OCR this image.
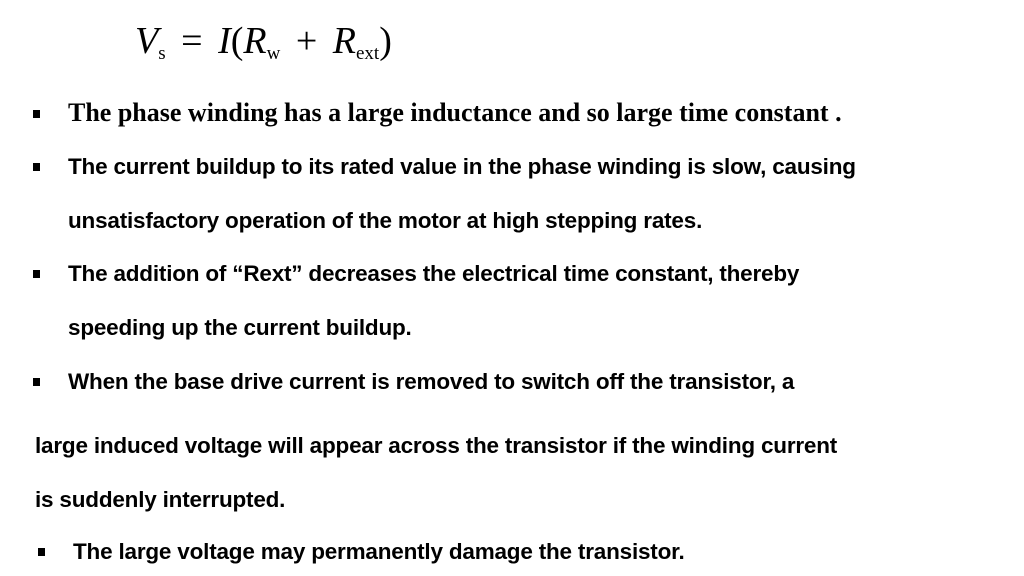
$V_s = I(R_w + R_{ext})$
The phase winding has a large inductance and so large time constant .
The current buildup to its rated value in the phase winding is slow, causing
unsatisfactory operation of the motor at high stepping rates.
The addition of “Rext” decreases the electrical time constant, thereby
speeding up the current buildup.
When the base drive current is removed to switch off the transistor, a
large induced voltage will appear across the transistor if the winding current
is suddenly interrupted.
The large voltage may permanently damage the transistor.
